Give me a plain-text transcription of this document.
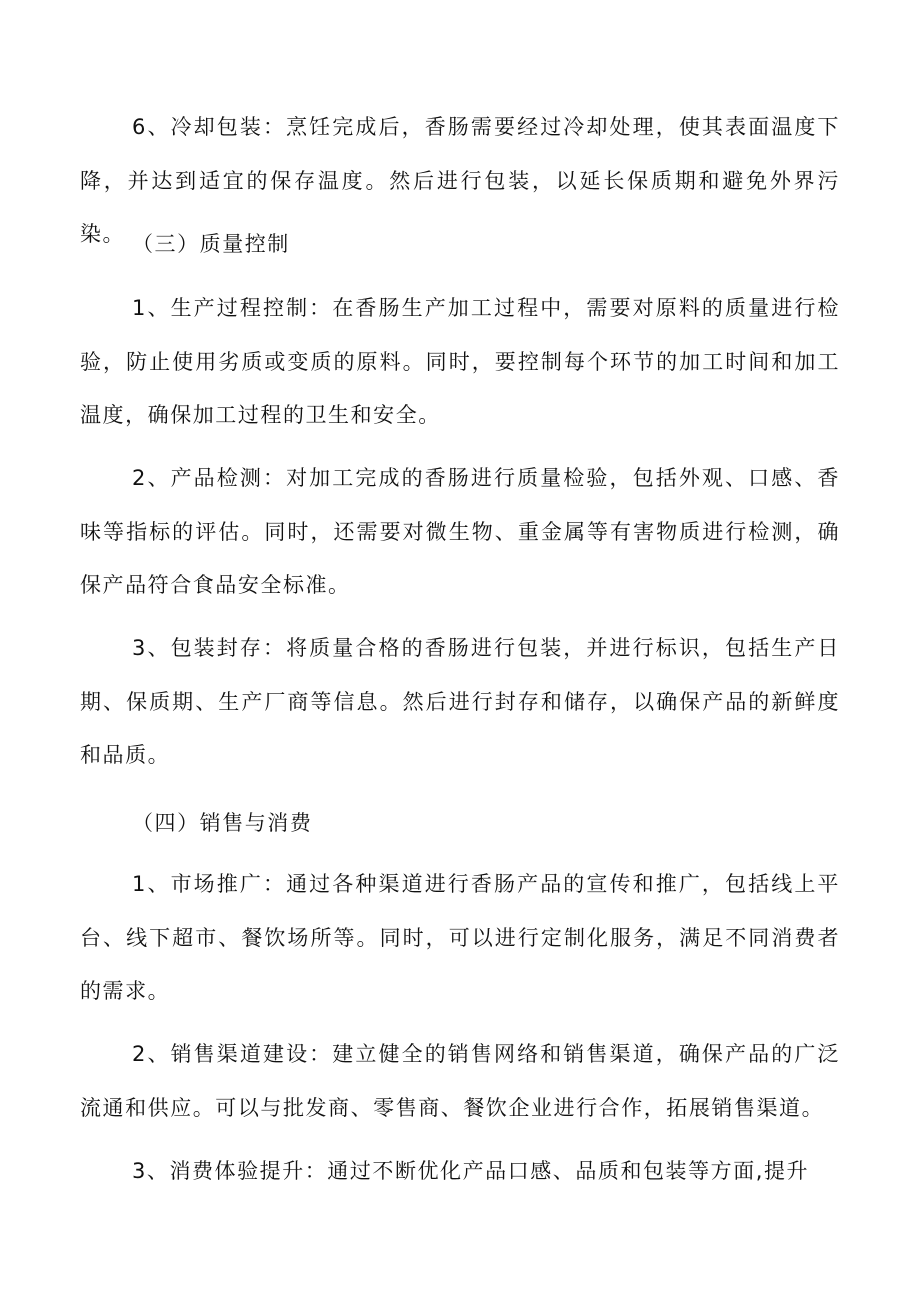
6、冷却包装：烹饪完成后，香肠需要经过冷却处理，使其表面温度下降，并达到适宜的保存温度。然后进行包装，以延长保质期和避免外界污染。 （三）质量控制

1、生产过程控制：在香肠生产加工过程中，需要对原料的质量进行检验，防止使用劣质或变质的原料。同时，要控制每个环节的加工时间和加工温度，确保加工过程的卫生和安全。

2、产品检测：对加工完成的香肠进行质量检验，包括外观、口感、香味等指标的评估。同时，还需要对微生物、重金属等有害物质进行检测，确保产品符合食品安全标准。

3、包装封存：将质量合格的香肠进行包装，并进行标识，包括生产日期、保质期、生产厂商等信息。然后进行封存和储存，以确保产品的新鲜度和品质。

（四）销售与消费

1、市场推广：通过各种渠道进行香肠产品的宣传和推广，包括线上平台、线下超市、餐饮场所等。同时，可以进行定制化服务，满足不同消费者的需求。

2、销售渠道建设：建立健全的销售网络和销售渠道，确保产品的广泛流通和供应。可以与批发商、零售商、餐饮企业进行合作，拓展销售渠道。

3、消费体验提升：通过不断优化产品口感、品质和包装等方面,提升
